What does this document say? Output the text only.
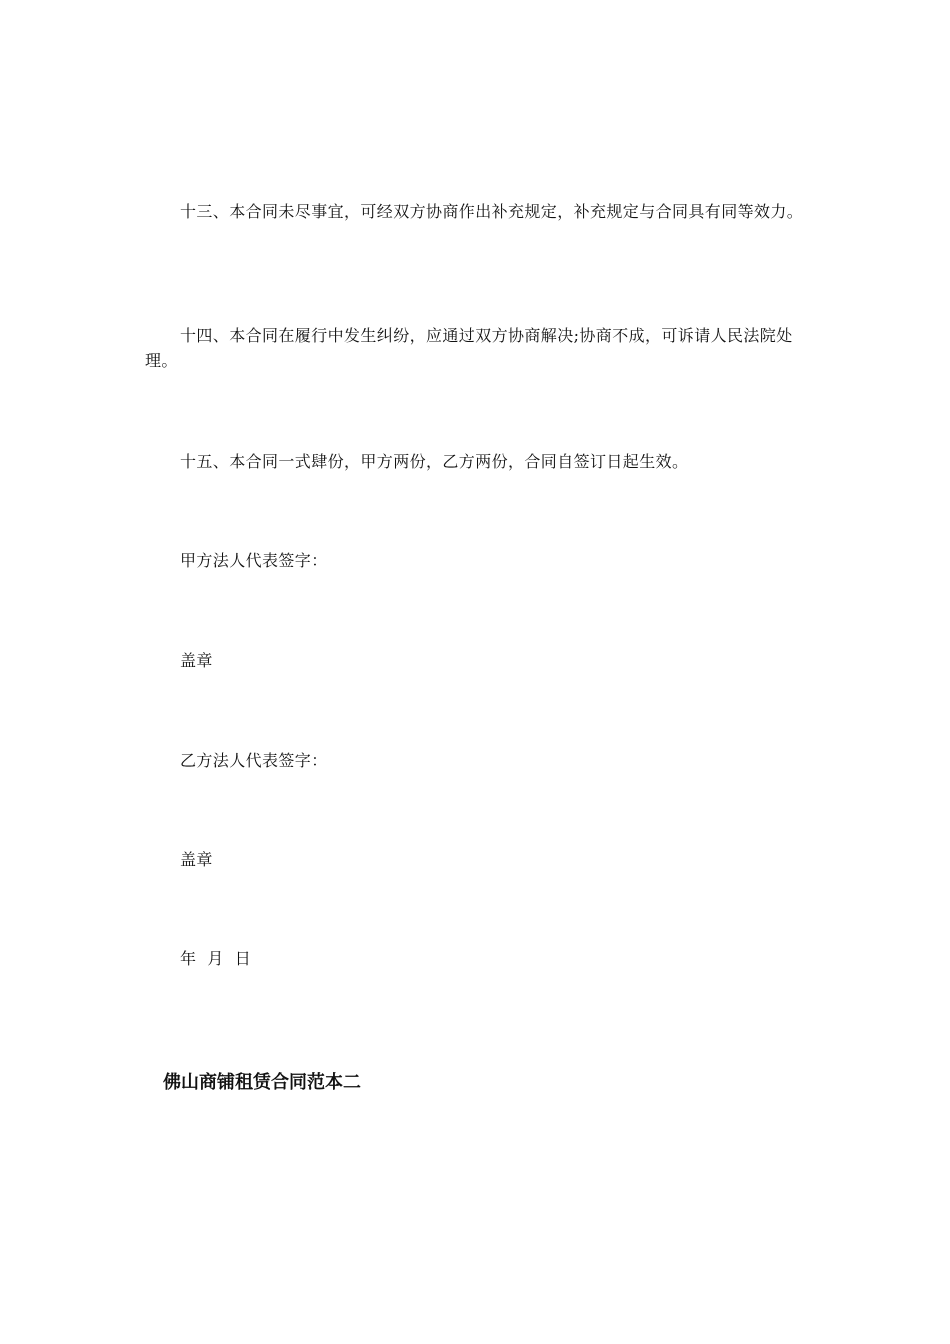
十三、本合同未尽事宜，可经双方协商作出补充规定，补充规定与合同具有同等效力。

十四、本合同在履行中发生纠纷，应通过双方协商解决;协商不成，可诉请人民法院处理。

十五、本合同一式肆份，甲方两份，乙方两份，合同自签订日起生效。

甲方法人代表签字：

盖章

乙方法人代表签字：

盖章

年  月  日

佛山商铺租赁合同范本二
